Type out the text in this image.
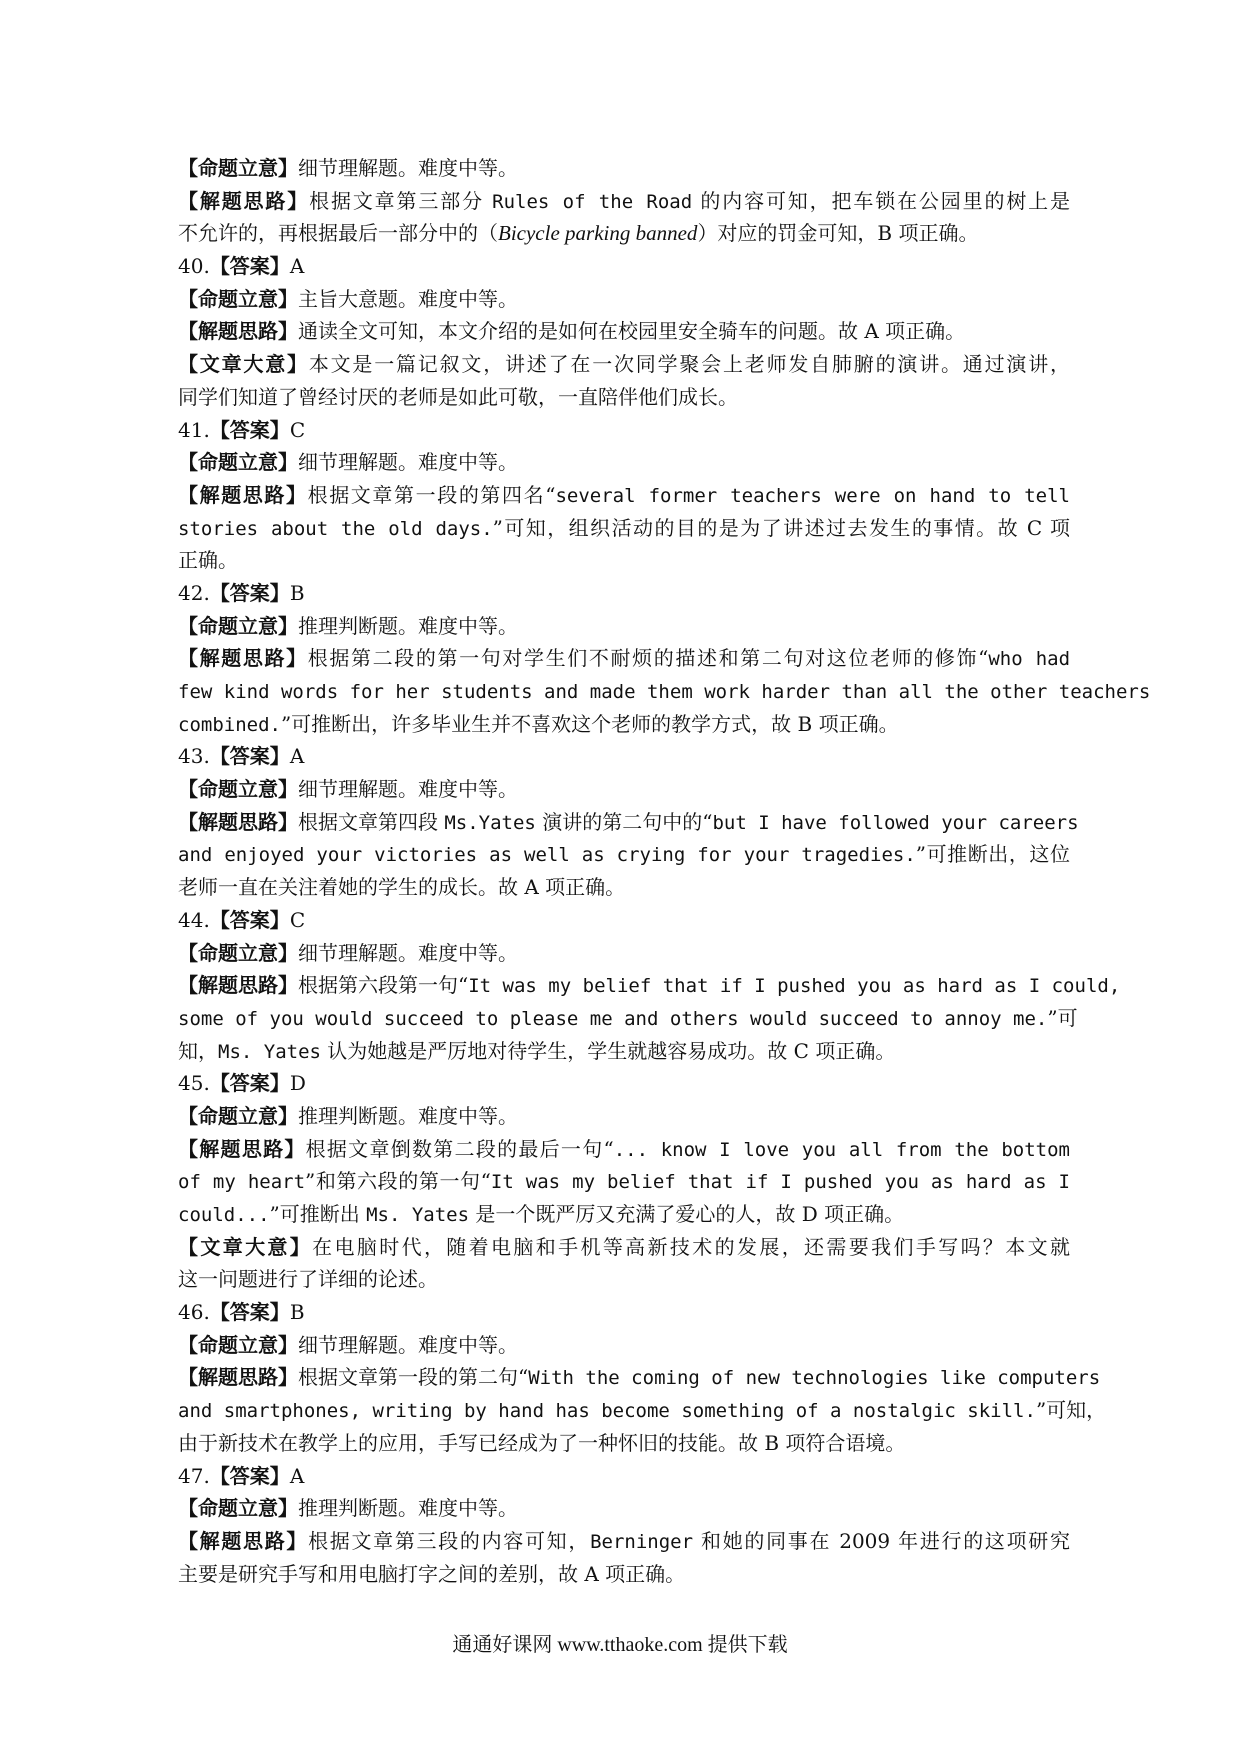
【命题立意】细节理解题。难度中等。
【解题思路】根据文章第三部分 Rules of the Road 的内容可知，把车锁在公园里的树上是
不允许的，再根据最后一部分中的（Bicycle parking banned）对应的罚金可知，B 项正确。
40.【答案】A
【命题立意】主旨大意题。难度中等。
【解题思路】通读全文可知，本文介绍的是如何在校园里安全骑车的问题。故 A 项正确。
【文章大意】本文是一篇记叙文，讲述了在一次同学聚会上老师发自肺腑的演讲。通过演讲，
同学们知道了曾经讨厌的老师是如此可敬，一直陪伴他们成长。
41.【答案】C
【命题立意】细节理解题。难度中等。
【解题思路】根据文章第一段的第四名“several former teachers were on hand to tell
stories about the old days.”可知，组织活动的目的是为了讲述过去发生的事情。故 C 项
正确。
42.【答案】B
【命题立意】推理判断题。难度中等。
【解题思路】根据第二段的第一句对学生们不耐烦的描述和第二句对这位老师的修饰“who had
few kind words for her students and made them work harder than all the other teachers
combined.”可推断出，许多毕业生并不喜欢这个老师的教学方式，故 B 项正确。
43.【答案】A
【命题立意】细节理解题。难度中等。
【解题思路】根据文章第四段 Ms.Yates 演讲的第二句中的“but I have followed your careers
and enjoyed your victories as well as crying for your tragedies.”可推断出，这位
老师一直在关注着她的学生的成长。故 A 项正确。
44.【答案】C
【命题立意】细节理解题。难度中等。
【解题思路】根据第六段第一句“It was my belief that if I pushed you as hard as I could,
some of you would succeed to please me and others would succeed to annoy me.”可
知，Ms. Yates 认为她越是严厉地对待学生，学生就越容易成功。故 C 项正确。
45.【答案】D
【命题立意】推理判断题。难度中等。
【解题思路】根据文章倒数第二段的最后一句“... know I love you all from the bottom
of my heart”和第六段的第一句“It was my belief that if I pushed you as hard as I
could...”可推断出 Ms. Yates 是一个既严厉又充满了爱心的人，故 D 项正确。
【文章大意】在电脑时代，随着电脑和手机等高新技术的发展，还需要我们手写吗？本文就
这一问题进行了详细的论述。
46.【答案】B
【命题立意】细节理解题。难度中等。
【解题思路】根据文章第一段的第二句“With the coming of new technologies like computers
and smartphones, writing by hand has become something of a nostalgic skill.”可知，
由于新技术在教学上的应用，手写已经成为了一种怀旧的技能。故 B 项符合语境。
47.【答案】A
【命题立意】推理判断题。难度中等。
【解题思路】根据文章第三段的内容可知，Berninger 和她的同事在 2009 年进行的这项研究
主要是研究手写和用电脑打字之间的差别，故 A 项正确。
通通好课网 www.tthaoke.com 提供下载
